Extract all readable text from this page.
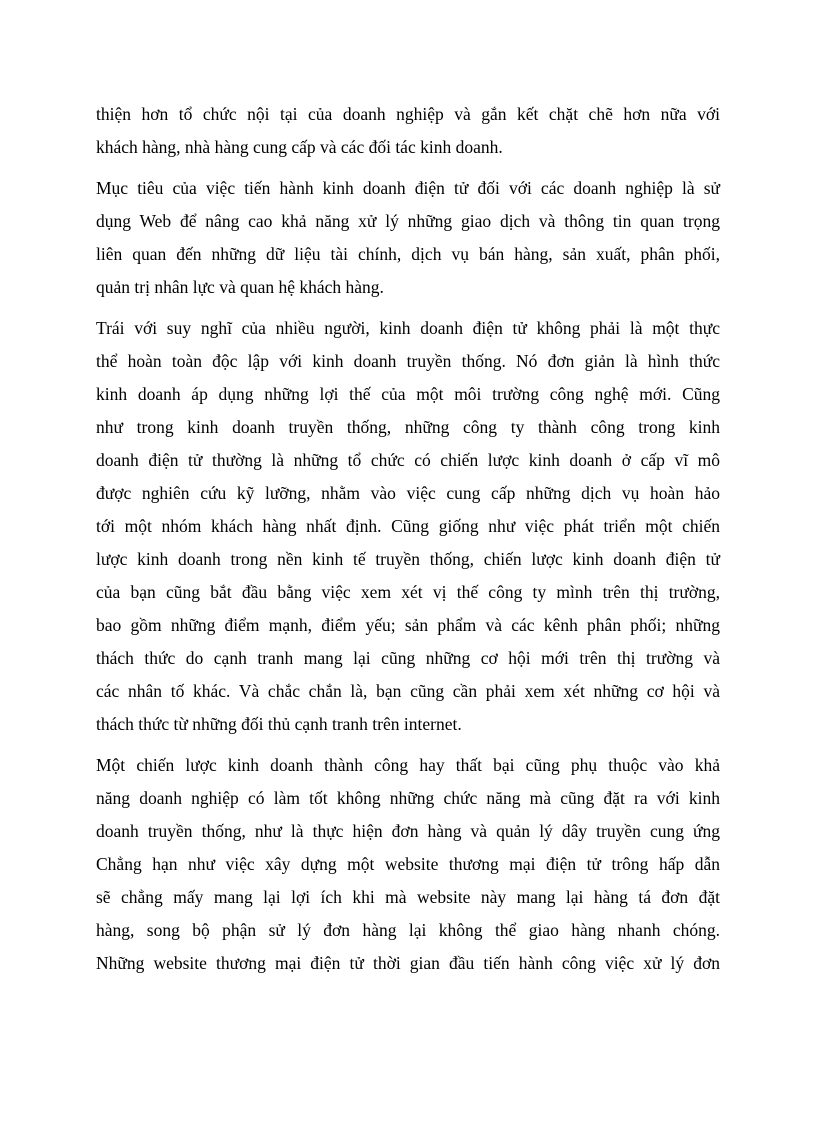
thiện hơn tổ chức nội tại của doanh nghiệp và gắn kết chặt chẽ hơn nữa với
khách hàng, nhà hàng cung cấp và các đối tác kinh doanh.
Mục tiêu của việc tiến hành kinh doanh điện tử đối với các doanh nghiệp là sử
dụng Web để nâng cao khả năng xử lý những giao dịch và thông tin quan trọng
liên quan đến những dữ liệu tài chính, dịch vụ bán hàng, sản xuất, phân phối,
quản trị nhân lực và quan hệ khách hàng.
Trái với suy nghĩ của nhiều người, kinh doanh điện tử không phải là một thực
thể hoàn toàn độc lập với kinh doanh truyền thống. Nó đơn giản là hình thức
kinh doanh áp dụng những lợi thế của một môi trường công nghệ mới. Cũng
như trong kinh doanh truyền thống, những công ty thành công trong kinh
doanh điện tử thường là những tổ chức có chiến lược kinh doanh ở cấp vĩ mô
được nghiên cứu kỹ lưỡng, nhằm vào việc cung cấp những dịch vụ hoàn hảo
tới một nhóm khách hàng nhất định. Cũng giống như việc phát triển một chiến
lược kinh doanh trong nền kinh tế truyền thống, chiến lược kinh doanh điện tử
của bạn cũng bắt đầu bằng việc xem xét vị thế công ty mình trên thị trường,
bao gồm những điểm mạnh, điểm yếu; sản phẩm và các kênh phân phối; những
thách thức do cạnh tranh mang lại cũng những cơ hội mới trên thị trường và
các nhân tố khác. Và chắc chắn là, bạn cũng cần phải xem xét những cơ hội và
thách thức từ những đối thủ cạnh tranh trên internet.
Một chiến lược kinh doanh thành công hay thất bại cũng phụ thuộc vào khả
năng doanh nghiệp có làm tốt không những chức năng mà cũng đặt ra với kinh
doanh truyền thống, như là thực hiện đơn hàng và quản lý dây truyền cung ứng
Chẳng hạn như việc xây dựng một website thương mại điện tử trông hấp dẫn
sẽ chẳng mấy mang lại lợi ích khi mà website này mang lại hàng tá đơn đặt
hàng, song bộ phận sử lý đơn hàng lại không thể giao hàng nhanh chóng.
Những website thương mại điện tử thời gian đầu tiến hành công việc xử lý đơn
